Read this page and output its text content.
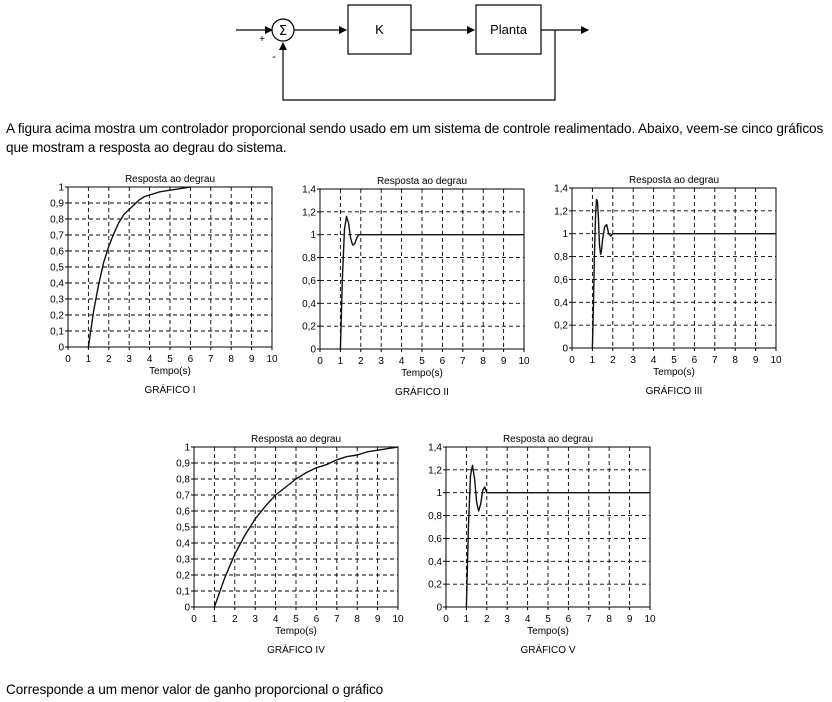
Σ
+
-
K	Planta

A figura acima mostra um controlador proporcional sendo usado em um sistema de controle realimentado. Abaixo, veem-se cinco gráficos que mostram a resposta ao degrau do sistema.

0 1 2 3 4 5 6 7 8 9 10
0
0,1
0,2
0,3
0,4
0,5
0,6
0,7
0,8
0,9
1
Resposta ao degrau
Tempo(s)
GRÁFICO I
0 1 2 3 4 5 6 7 8 9 10
0
0,2
0,4
0,6
0,8
1
1,2
1,4
Resposta ao degrau
Tempo(s)
GRÁFICO II
0 1 2 3 4 5 6 7 8 9 10
0
0,2
0,4
0,6
0,8
1
1,2
1,4
Resposta ao degrau
Tempo(s)
GRÁFICO III
0 1 2 3 4 5 6 7 8 9 10
0
0,1
0,2
0,3
0,4
0,5
0,6
0,7
0,8
0,9
1
Resposta ao degrau
Tempo(s)
GRÁFICO IV
0 1 2 3 4 5 6 7 8 9 10
0
0,2
0,4
0,6
0,8
1
1,2
1,4
Resposta ao degrau
Tempo(s)
GRÁFICO V

Corresponde a um menor valor de ganho proporcional o gráfico
